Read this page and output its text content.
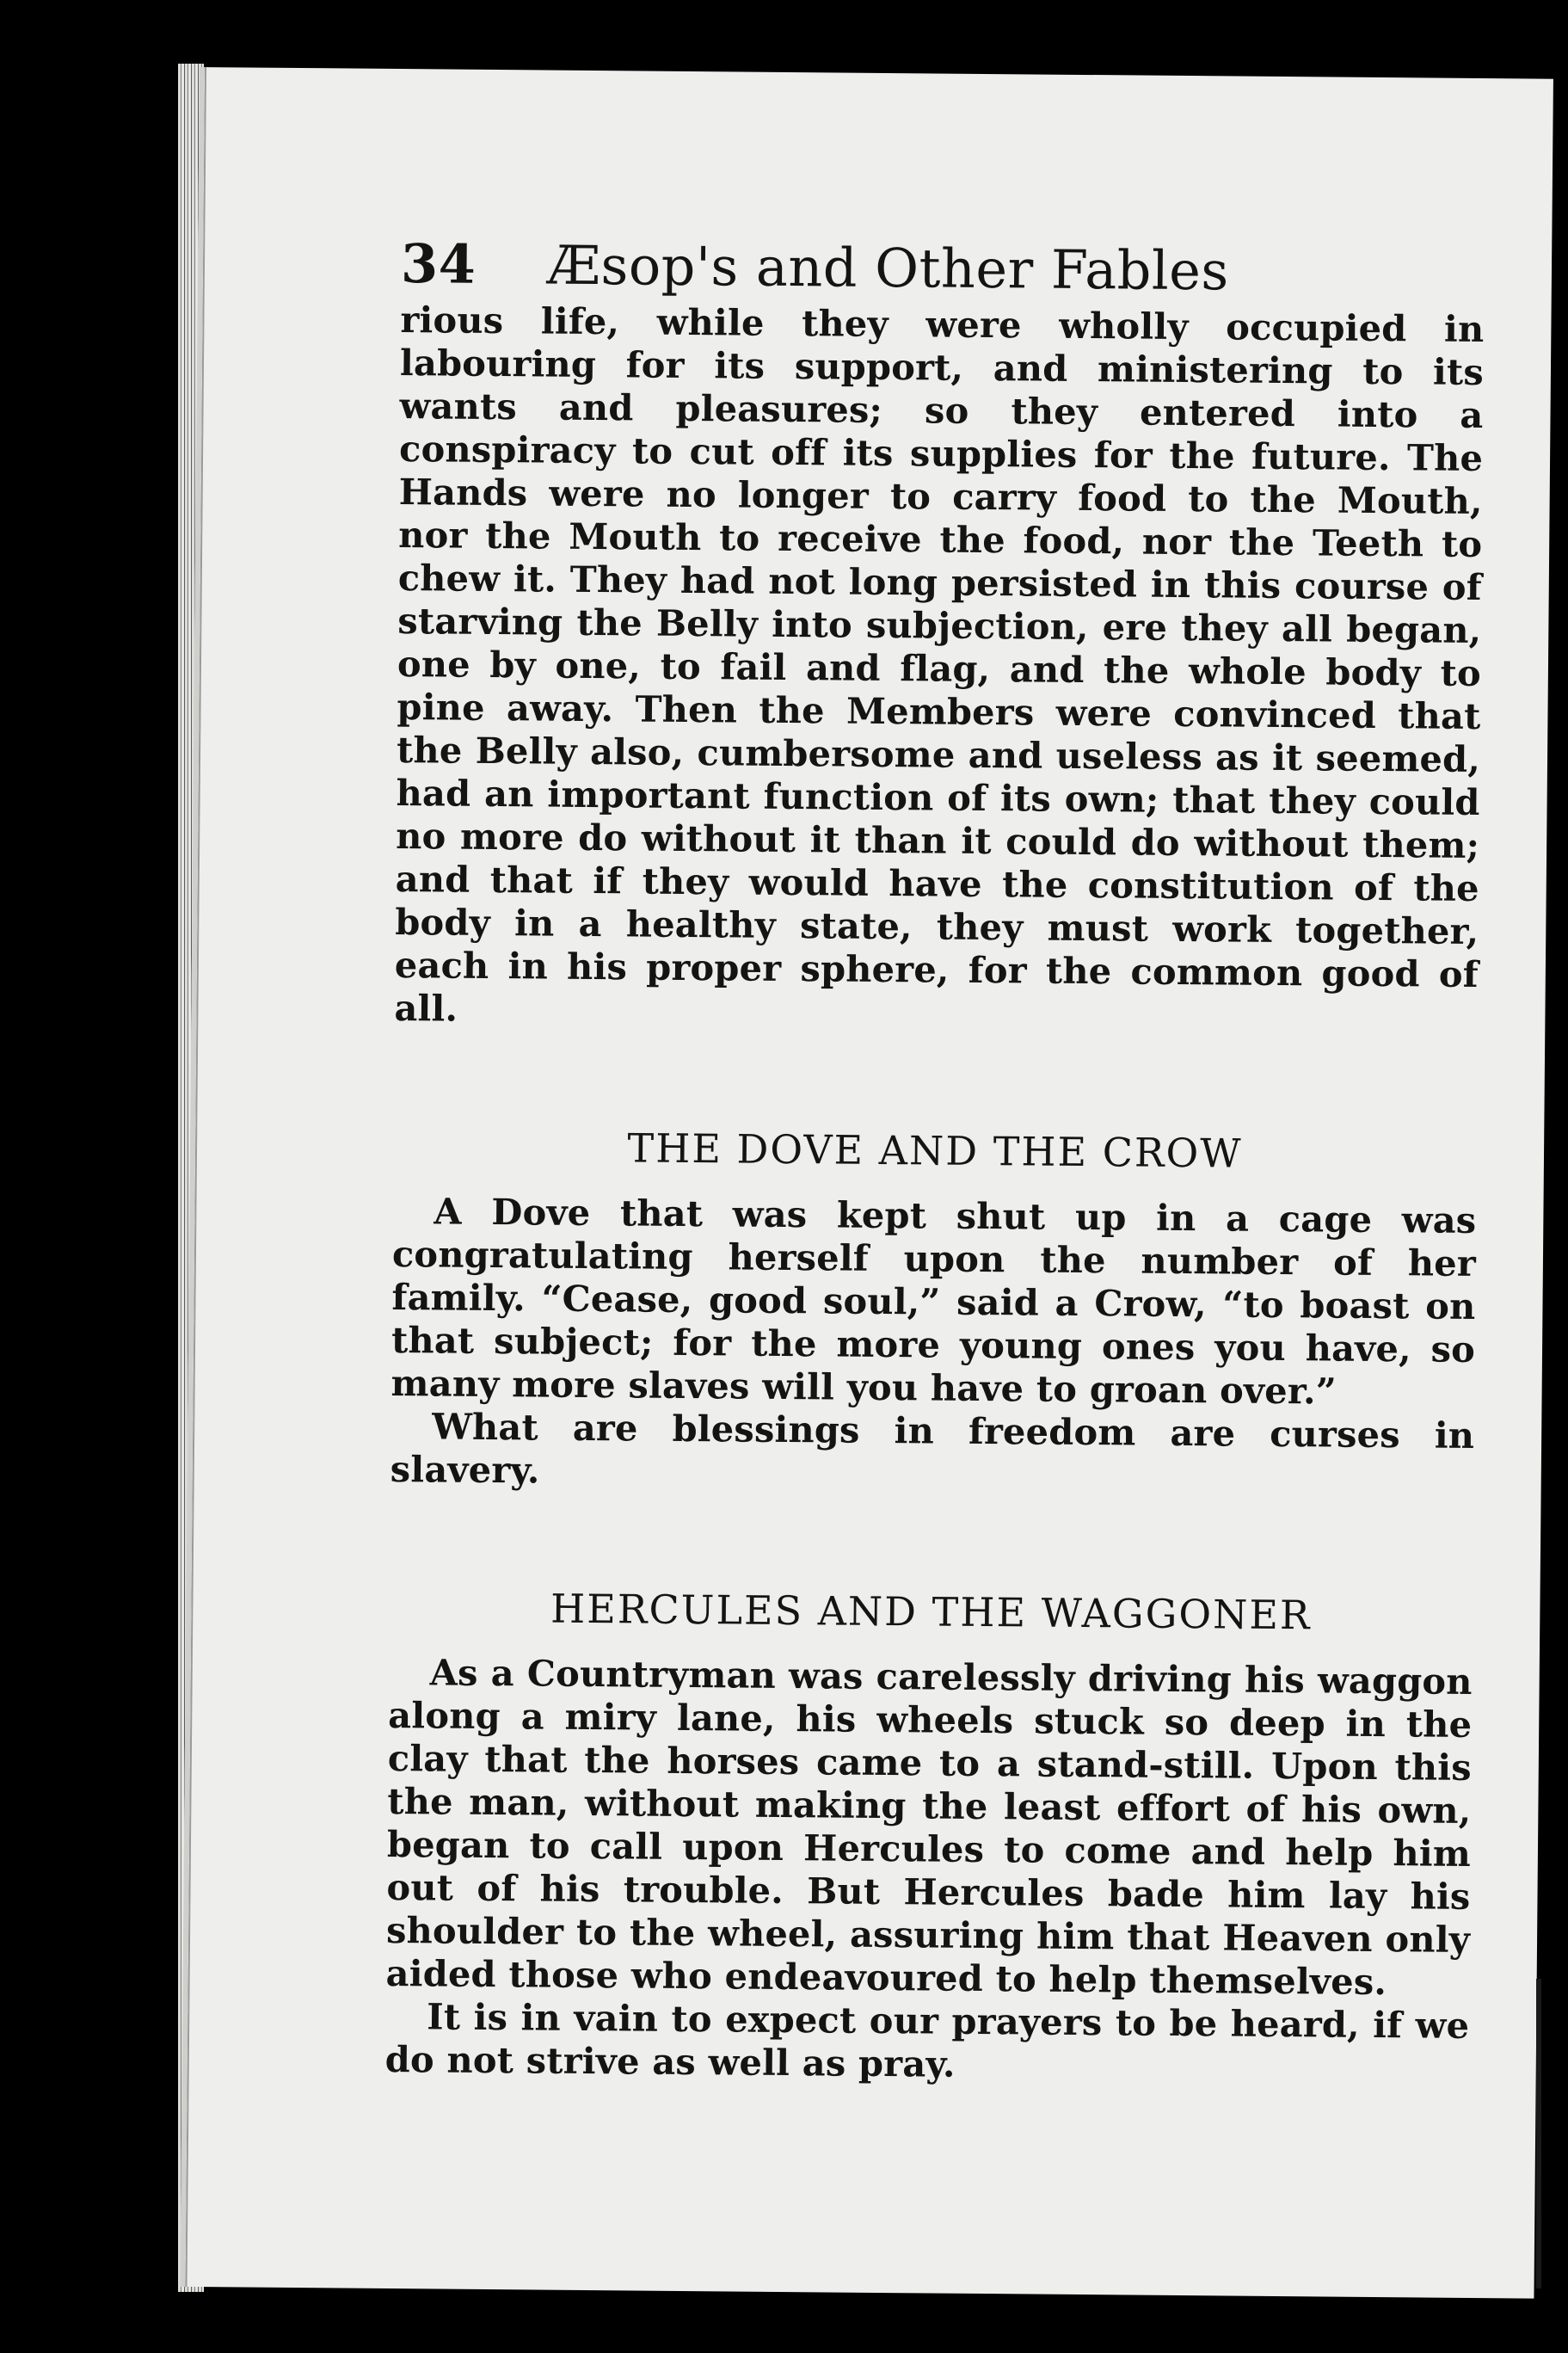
34	Æsop's and Other Fables

rious life, while they were wholly occupied in labouring for its support, and ministering to its wants and pleasures; so they entered into a conspiracy to cut off its supplies for the future. The Hands were no longer to carry food to the Mouth, nor the Mouth to receive the food, nor the Teeth to chew it. They had not long persisted in this course of starving the Belly into subjection, ere they all began, one by one, to fail and flag, and the whole body to pine away. Then the Members were convinced that the Belly also, cumbersome and useless as it seemed, had an important function of its own; that they could no more do without it than it could do without them; and that if they would have the constitution of the body in a healthy state, they must work together, each in his proper sphere, for the common good of all.

THE DOVE AND THE CROW

A Dove that was kept shut up in a cage was congratulating herself upon the number of her family. “Cease, good soul,” said a Crow, “to boast on that subject; for the more young ones you have, so many more slaves will you have to groan over.”

What are blessings in freedom are curses in slavery.

HERCULES AND THE WAGGONER

As a Countryman was carelessly driving his waggon along a miry lane, his wheels stuck so deep in the clay that the horses came to a stand-still. Upon this the man, without making the least effort of his own, began to call upon Hercules to come and help him out of his trouble. But Hercules bade him lay his shoulder to the wheel, assuring him that Heaven only aided those who endeavoured to help themselves.

It is in vain to expect our prayers to be heard, if we do not strive as well as pray.
